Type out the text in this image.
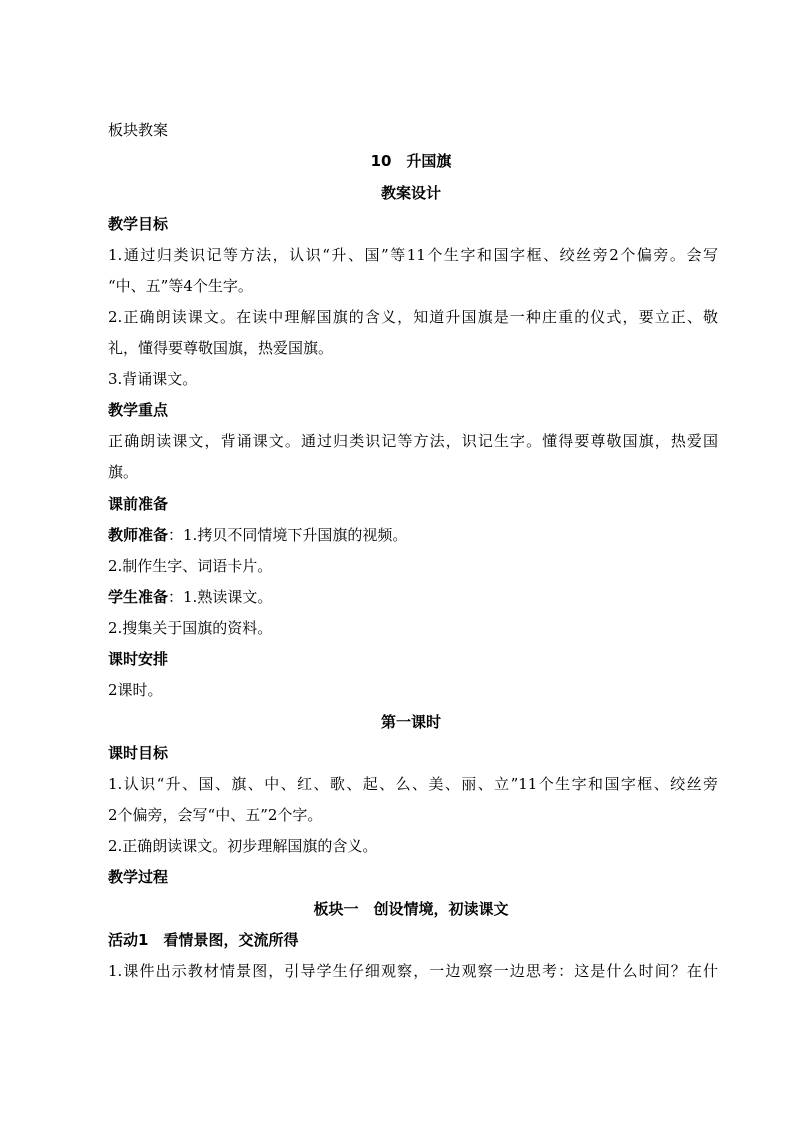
板块教案
10　升国旗
教案设计
教学目标
1.通过归类识记等方法，认识“升、国”等11个生字和国字框、绞丝旁2个偏旁。会写
“中、五”等4个生字。
2.正确朗读课文。在读中理解国旗的含义，知道升国旗是一种庄重的仪式，要立正、敬
礼，懂得要尊敬国旗，热爱国旗。
3.背诵课文。
教学重点
正确朗读课文，背诵课文。通过归类识记等方法，识记生字。懂得要尊敬国旗，热爱国
旗。
课前准备
教师准备：1.拷贝不同情境下升国旗的视频。
2.制作生字、词语卡片。
学生准备：1.熟读课文。
2.搜集关于国旗的资料。
课时安排
2课时。
第一课时
课时目标
1.认识“升、国、旗、中、红、歌、起、么、美、丽、立”11个生字和国字框、绞丝旁
2个偏旁，会写“中、五”2个字。
2.正确朗读课文。初步理解国旗的含义。
教学过程
板块一　创设情境，初读课文
活动1　看情景图，交流所得
1.课件出示教材情景图，引导学生仔细观察，一边观察一边思考：这是什么时间？在什
